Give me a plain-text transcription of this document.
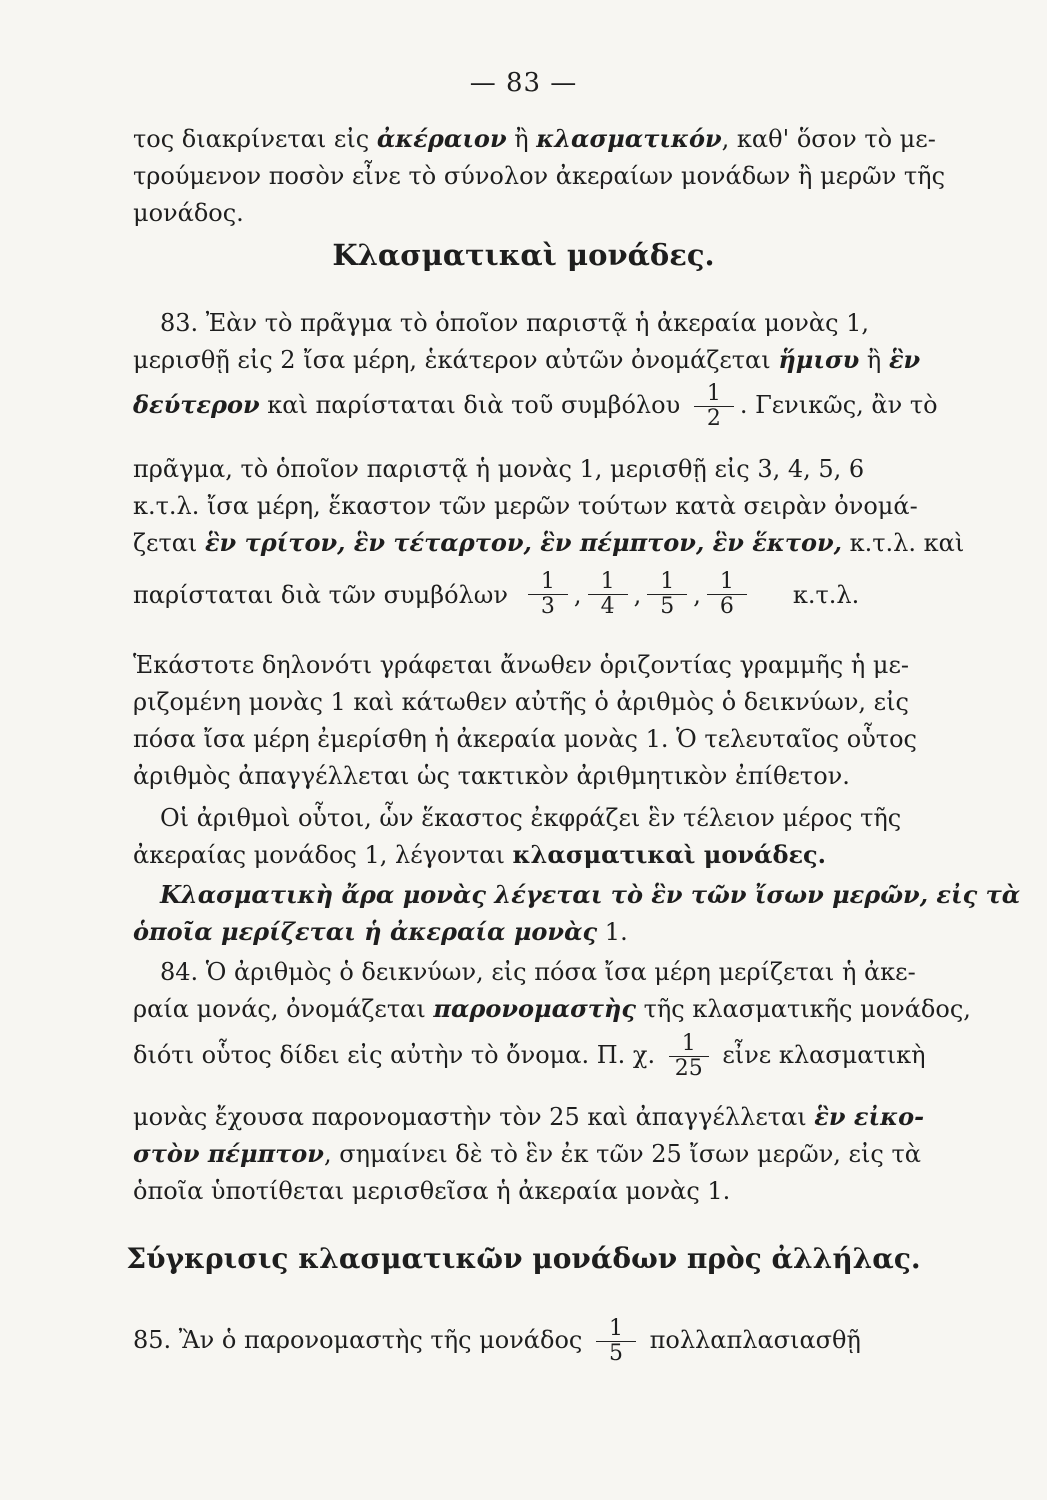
— 83 —
τος διακρίνεται εἰς ἀκέραιον ἢ κλασματικόν, καθ' ὅσον τὸ με-
τρούμενον ποσὸν εἶνε τὸ σύνολον ἀκεραίων μονάδων ἢ μερῶν τῆς
μονάδος.
Κλασματικαὶ μονάδες.
83. Ἐὰν τὸ πρᾶγμα τὸ ὁποῖον παριστᾷ ἡ ἀκεραία μονὰς 1,
μερισθῇ εἰς 2 ἴσα μέρη, ἑκάτερον αὐτῶν ὀνομάζεται ἥμισυ ἢ ἓν
δεύτερον καὶ παρίσταται διὰ τοῦ συμβόλου $\frac{1}{2}$ . Γενικῶς, ἂν τὸ
πρᾶγμα, τὸ ὁποῖον παριστᾷ ἡ μονὰς 1, μερισθῇ εἰς 3, 4, 5, 6
κ.τ.λ. ἴσα μέρη, ἕκαστον τῶν μερῶν τούτων κατὰ σειρὰν ὀνομά-
ζεται ἓν τρίτον, ἓν τέταρτον, ἓν πέμπτον, ἓν ἕκτον, κ.τ.λ. καὶ
παρίσταται διὰ τῶν συμβόλων $\frac{1}{3}$ , $\frac{1}{4}$ , $\frac{1}{5}$ , $\frac{1}{6} \kappa.\tau.\lambda$.
Ἑκάστοτε δηλονότι γράφεται ἄνωθεν ὁριζοντίας γραμμῆς ἡ με-
ριζομένη μονὰς 1 καὶ κάτωθεν αὐτῆς ὁ ἀριθμὸς ὁ δεικνύων, εἰς
πόσα ἴσα μέρη ἐμερίσθη ἡ ἀκεραία μονὰς 1. Ὁ τελευταῖος οὗτος
ἀριθμὸς ἀπαγγέλλεται ὡς τακτικὸν ἀριθμητικὸν ἐπίθετον.
Οἱ ἀριθμοὶ οὗτοι, ὧν ἕκαστος ἐκφράζει ἓν τέλειον μέρος τῆς
ἀκεραίας μονάδος 1, λέγονται κλασματικαὶ μονάδες.
Κλασματικὴ ἄρα μονὰς λέγεται τὸ ἓν τῶν ἴσων μερῶν, εἰς τὰ
ὁποῖα μερίζεται ἡ ἀκεραία μονὰς 1.
84. Ὁ ἀριθμὸς ὁ δεικνύων, εἰς πόσα ἴσα μέρη μερίζεται ἡ ἀκε-
ραία μονάς, ὀνομάζεται παρονομαστὴς τῆς κλασματικῆς μονάδος,
διότι οὗτος δίδει εἰς αὐτὴν τὸ ὄνομα. Π. χ. $\frac{1}{25}$ εἶνε κλασματικὴ
μονὰς ἔχουσα παρονομαστὴν τὸν 25 καὶ ἀπαγγέλλεται ἓν εἰκο-
στὸν πέμπτον, σημαίνει δὲ τὸ ἓν ἐκ τῶν 25 ἴσων μερῶν, εἰς τὰ
ὁποῖα ὑποτίθεται μερισθεῖσα ἡ ἀκεραία μονὰς 1.
Σύγκρισις κλασματικῶν μονάδων πρὸς ἀλλήλας.
85. Ἂν ὁ παρονομαστὴς τῆς μονάδος $\frac{1}{5}$ πολλαπλασιασθῇ
